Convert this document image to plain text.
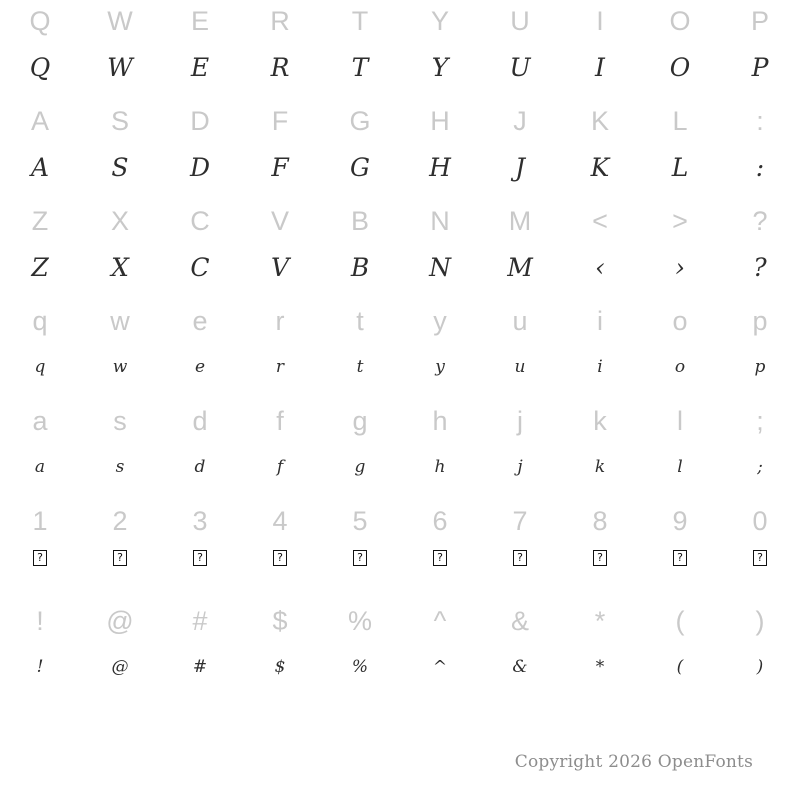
Q
Q
W
W
E
E
R
R
T
T
Y
Y
U
U
I
I
O
O
P
P
A
A
S
S
D
D
F
F
G
G
H
H
J
J
K
K
L
L
:
:
Z
Z
X
X
C
C
V
V
B
B
N
N
M
M
<
‹
>
›
?
?
q
q
w
w
e
e
r
r
t
t
y
y
u
u
i
i
o
o
p
p
a
a
s
s
d
d
f
f
g
g
h
h
j
j
k
k
l
l
;
;
1
?
2
?
3
?
4
?
5
?
6
?
7
?
8
?
9
?
0
?
!
!
@
@
#
#
$
$
%
%
^
^
&
&
*
*
(
(
)
)
Copyright 2026 OpenFonts
